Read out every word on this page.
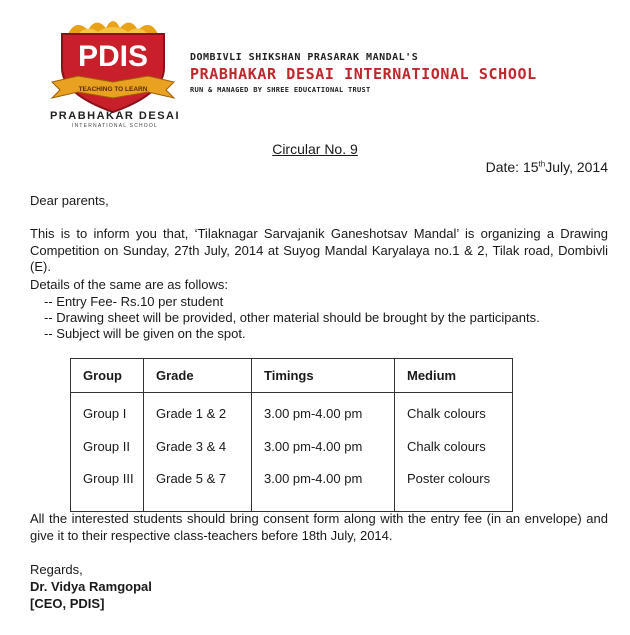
TEACHING TO LEARN
PDIS
PRABHAKAR DESAI
INTERNATIONAL SCHOOL
DOMBIVLI SHIKSHAN PRASARAK MANDAL'S
PRABHAKAR DESAI INTERNATIONAL SCHOOL
RUN & MANAGED BY SHREE EDUCATIONAL TRUST
Circular No. 9
Date: 15thJuly, 2014
Dear parents,
This is to inform you that, ‘Tilaknagar Sarvajanik Ganeshotsav Mandal’ is organizing a Drawing Competition on Sunday, 27th July, 2014 at Suyog Mandal Karyalaya no.1 & 2, Tilak road, Dombivli (E).
Details of the same are as follows:
-- Entry Fee- Rs.10 per student
-- Drawing sheet will be provided, other material should be brought by the participants.
-- Subject will be given on the spot.
Group	Grade	Timings	Medium
Group I	Grade 1 & 2	3.00 pm-4.00 pm	Chalk colours
Group II	Grade 3 & 4	3.00 pm-4.00 pm	Chalk colours
Group III	Grade 5 & 7	3.00 pm-4.00 pm	Poster colours
All the interested students should bring consent form along with the entry fee (in an envelope) and give it to their respective class-teachers before 18th July, 2014.
Regards,
Dr. Vidya Ramgopal
[CEO, PDIS]
